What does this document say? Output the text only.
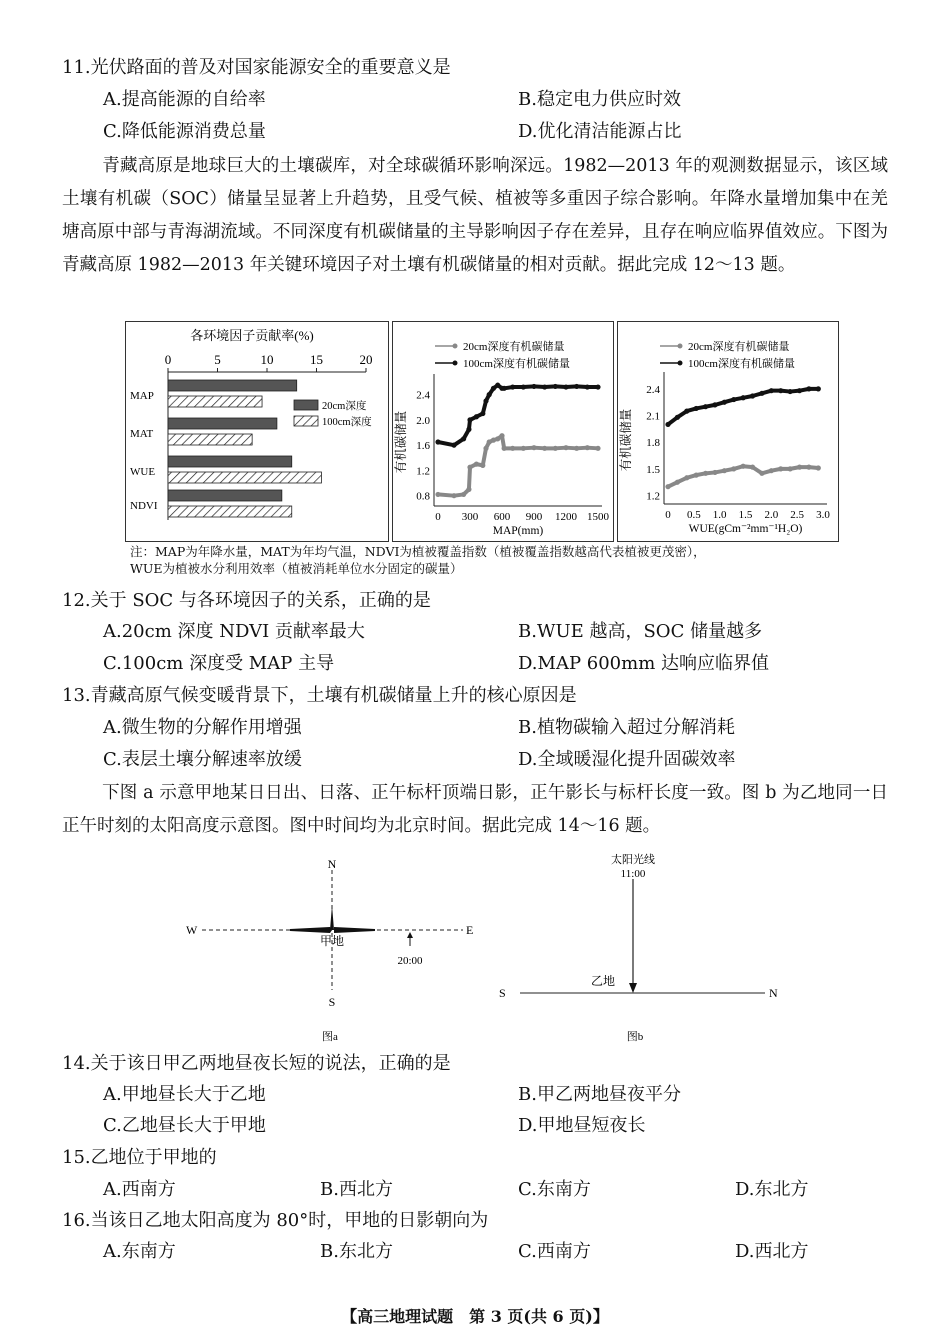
11.光伏路面的普及对国家能源安全的重要意义是
A.提高能源的自给率	B.稳定电力供应时效
C.降低能源消费总量	D.优化清洁能源占比
青藏高原是地球巨大的土壤碳库，对全球碳循环影响深远。1982—2013 年的观测数据显示，该区域土壤有机碳（SOC）储量呈显著上升趋势，且受气候、植被等多重因子综合影响。年降水量增加集中在羌塘高原中部与青海湖流域。不同深度有机碳储量的主导影响因子存在差异，且存在响应临界值效应。下图为青藏高原 1982—2013 年关键环境因子对土壤有机碳储量的相对贡献。据此完成 12～13 题。
各环境因子贡献率(%)
0	5	10	15	20
MAP
MAT
WUE
NDVI
20cm深度
100cm深度
20cm深度有机碳储量
100cm深度有机碳储量
0 300 600 900 1200 1500
0.8
1.2
1.6
2.0
2.4
MAP(mm)
有机碳储量
20cm深度有机碳储量
100cm深度有机碳储量
0 0.5 1.0 1.5 2.0 2.5 3.0
1.2
1.5
1.8
2.1
2.4
WUE(gCm⁻²mm⁻¹H₂O)
有机碳储量
注：MAP为年降水量，MAT为年均气温，NDVI为植被覆盖指数（植被覆盖指数越高代表植被更茂密），
WUE为植被水分利用效率（植被消耗单位水分固定的碳量）
12.关于 SOC 与各环境因子的关系，正确的是
A.20cm 深度 NDVI 贡献率最大	B.WUE 越高，SOC 储量越多
C.100cm 深度受 MAP 主导	D.MAP 600mm 达响应临界值
13.青藏高原气候变暖背景下，土壤有机碳储量上升的核心原因是
A.微生物的分解作用增强	B.植物碳输入超过分解消耗
C.表层土壤分解速率放缓	D.全域暖湿化提升固碳效率
下图 a 示意甲地某日日出、日落、正午标杆顶端日影，正午影长与标杆长度一致。图 b 为乙地同一日正午时刻的太阳高度示意图。图中时间均为北京时间。据此完成 14～16 题。
N
S
W	E
甲地
20:00
图a
太阳光线
11:00
乙地
S	N
图b
14.关于该日甲乙两地昼夜长短的说法，正确的是
A.甲地昼长大于乙地	B.甲乙两地昼夜平分
C.乙地昼长大于甲地	D.甲地昼短夜长
15.乙地位于甲地的
A.西南方	B.西北方	C.东南方	D.东北方
16.当该日乙地太阳高度为 80°时，甲地的日影朝向为
A.东南方	B.东北方	C.西南方	D.西北方
【高三地理试题　第 3 页(共 6 页)】
